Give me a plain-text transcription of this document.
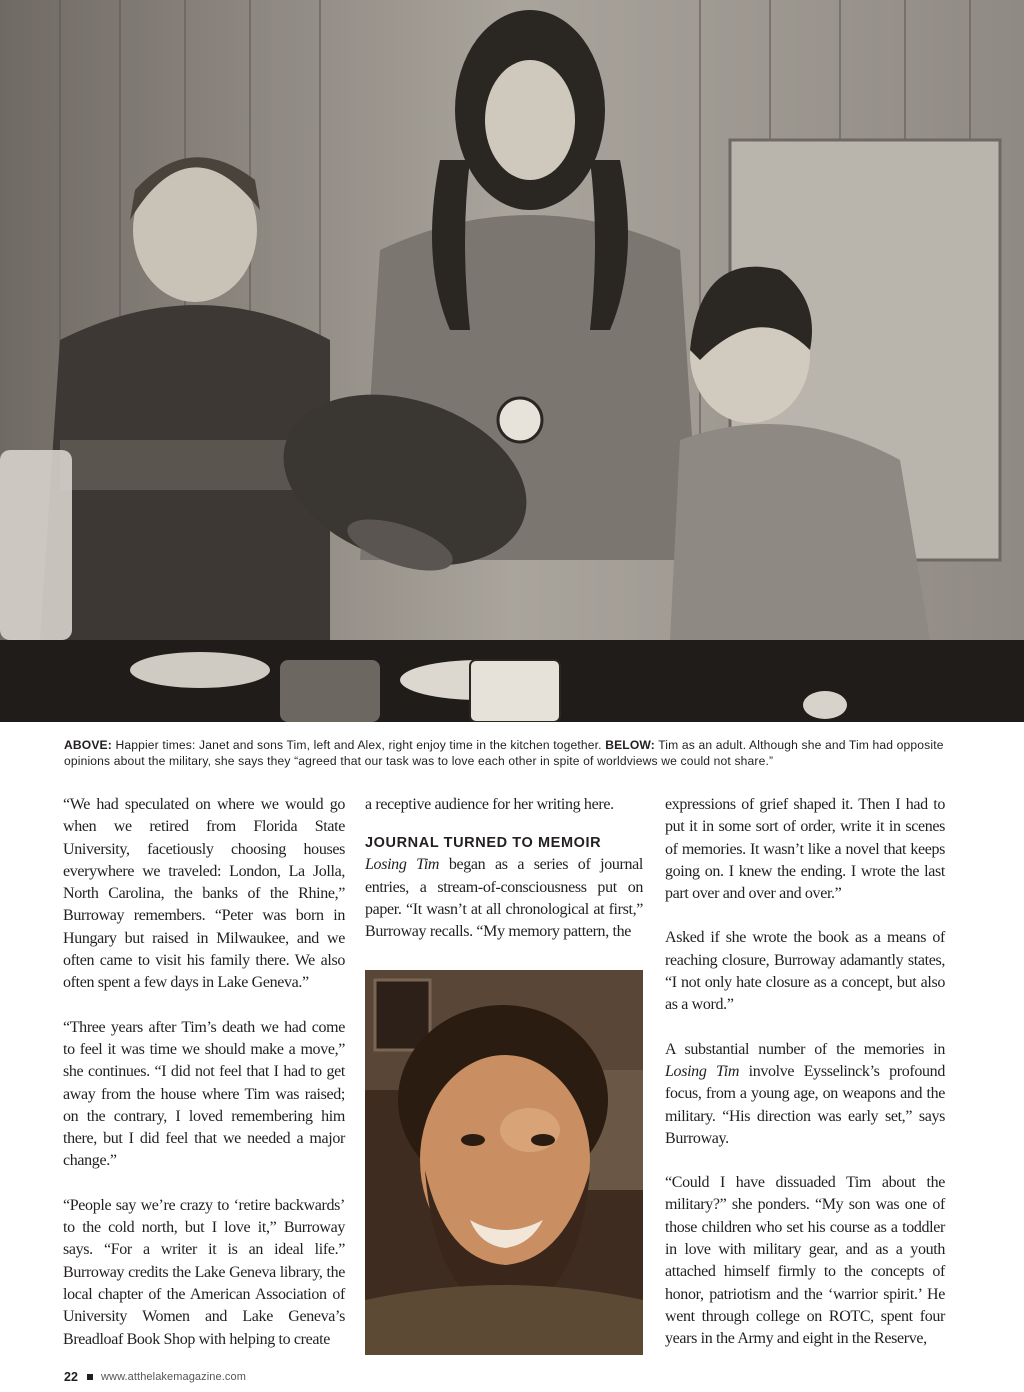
ABOVE: Happier times: Janet and sons Tim, left and Alex, right enjoy time in the kitchen together. BELOW: Tim as an adult. Although she and Tim had opposite opinions about the military, she says they “agreed that our task was to love each other in spite of worldviews we could not share.”

“We had speculated on where we would go when we retired from Florida State University, facetiously choosing houses everywhere we traveled: London, La Jolla, North Carolina, the banks of the Rhine,” Burroway remembers. “Peter was born in Hungary but raised in Milwaukee, and we often came to visit his family there. We also often spent a few days in Lake Geneva.”

“Three years after Tim’s death we had come to feel it was time we should make a move,” she continues. “I did not feel that I had to get away from the house where Tim was raised; on the contrary, I loved remembering him there, but I did feel that we needed a major change.”

“People say we’re crazy to ‘retire backwards’ to the cold north, but I love it,” Burroway says. “For a writer it is an ideal life.” Burroway credits the Lake Geneva library, the local chapter of the American Association of University Women and Lake Geneva’s Breadloaf Book Shop with helping to create

a receptive audience for her writing here.

JOURNAL TURNED TO MEMOIR

Losing Tim began as a series of journal entries, a stream-of-consciousness put on paper. “It wasn’t at all chronological at first,” Burroway recalls. “My memory pattern, the

expressions of grief shaped it. Then I had to put it in some sort of order, write it in scenes of memories. It wasn’t like a novel that keeps going on. I knew the ending. I wrote the last part over and over and over.”

Asked if she wrote the book as a means of reaching closure, Burroway adamantly states, “I not only hate closure as a concept, but also as a word.”

A substantial number of the memories in Losing Tim involve Eysselinck’s profound focus, from a young age, on weapons and the military. “His direction was early set,” says Burroway.

“Could I have dissuaded Tim about the military?” she ponders. “My son was one of those children who set his course as a toddler in love with military gear, and as a youth attached himself firmly to the concepts of honor, patriotism and the ‘warrior spirit.’ He went through college on ROTC, spent four years in the Army and eight in the Reserve,

22 www.atthelakemagazine.com
